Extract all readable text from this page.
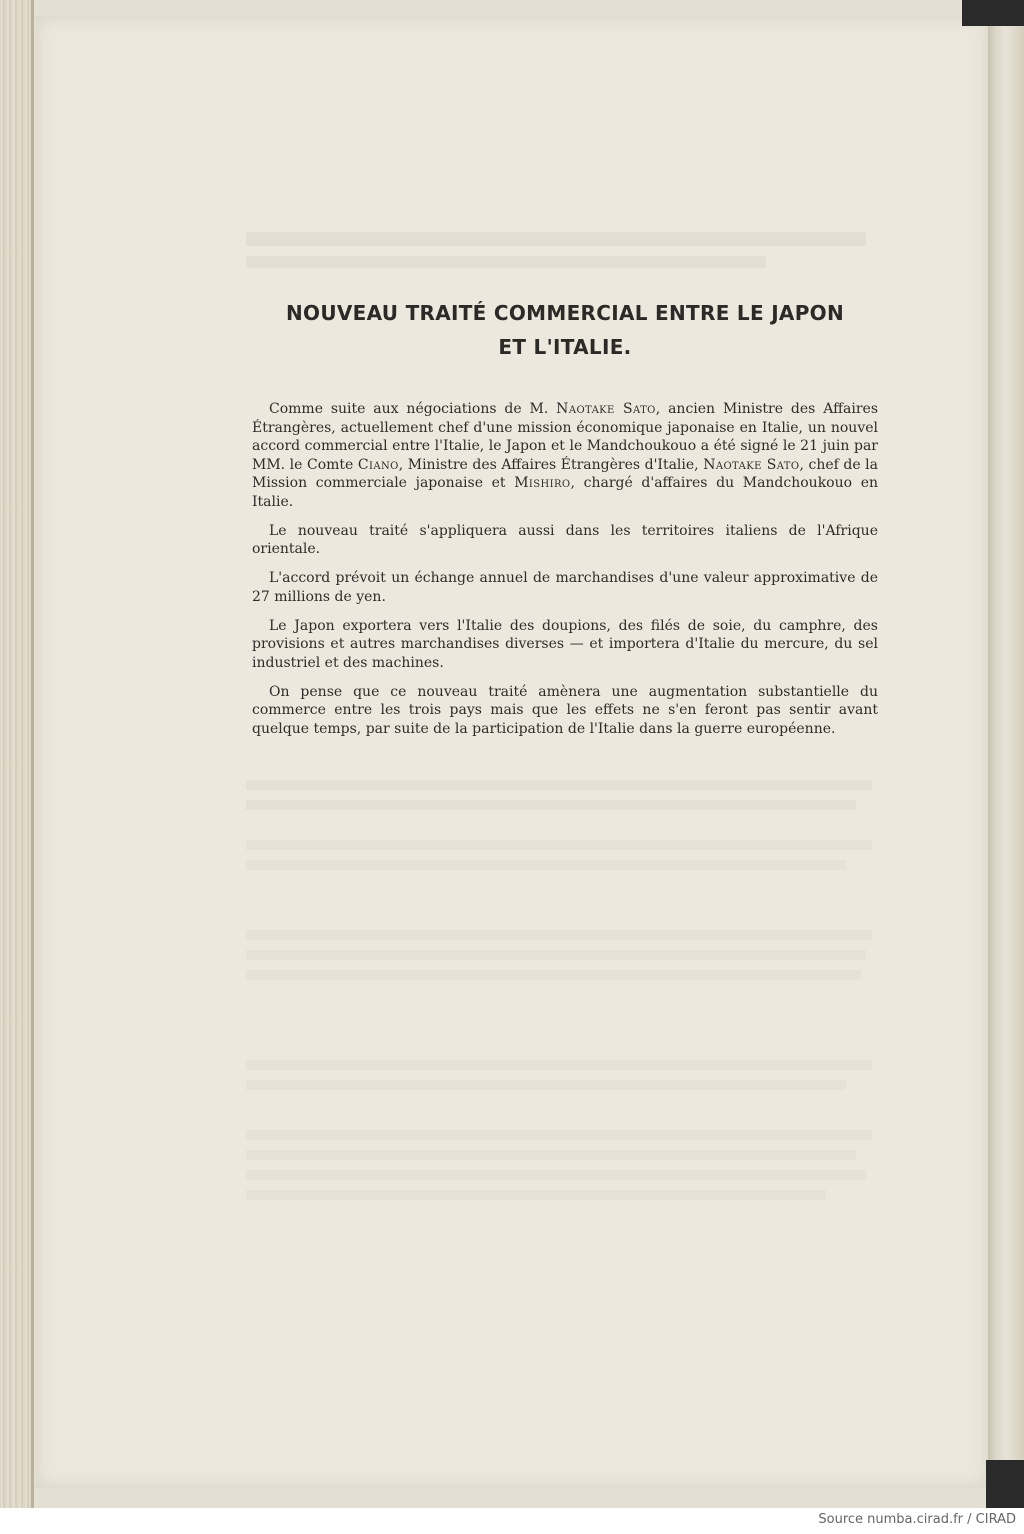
NOUVEAU TRAITÉ COMMERCIAL ENTRE LE JAPON
ET L'ITALIE.

Comme suite aux négociations de M. Naotake Sato, ancien Ministre des Affaires Étrangères, actuellement chef d'une mission économique japonaise en Italie, un nouvel accord commercial entre l'Italie, le Japon et le Mandchoukouo a été signé le 21 juin par MM. le Comte Ciano, Ministre des Affaires Étrangères d'Italie, Naotake Sato, chef de la Mission commerciale japonaise et Mishiro, chargé d'affaires du Mandchoukouo en Italie.

Le nouveau traité s'appliquera aussi dans les territoires italiens de l'Afrique orientale.

L'accord prévoit un échange annuel de marchandises d'une valeur approximative de 27 millions de yen.

Le Japon exportera vers l'Italie des doupions, des filés de soie, du camphre, des provisions et autres marchandises diverses — et importera d'Italie du mercure, du sel industriel et des machines.

On pense que ce nouveau traité amènera une augmentation substantielle du commerce entre les trois pays mais que les effets ne s'en feront pas sentir avant quelque temps, par suite de la participation de l'Italie dans la guerre européenne.

Source numba.cirad.fr / CIRAD
